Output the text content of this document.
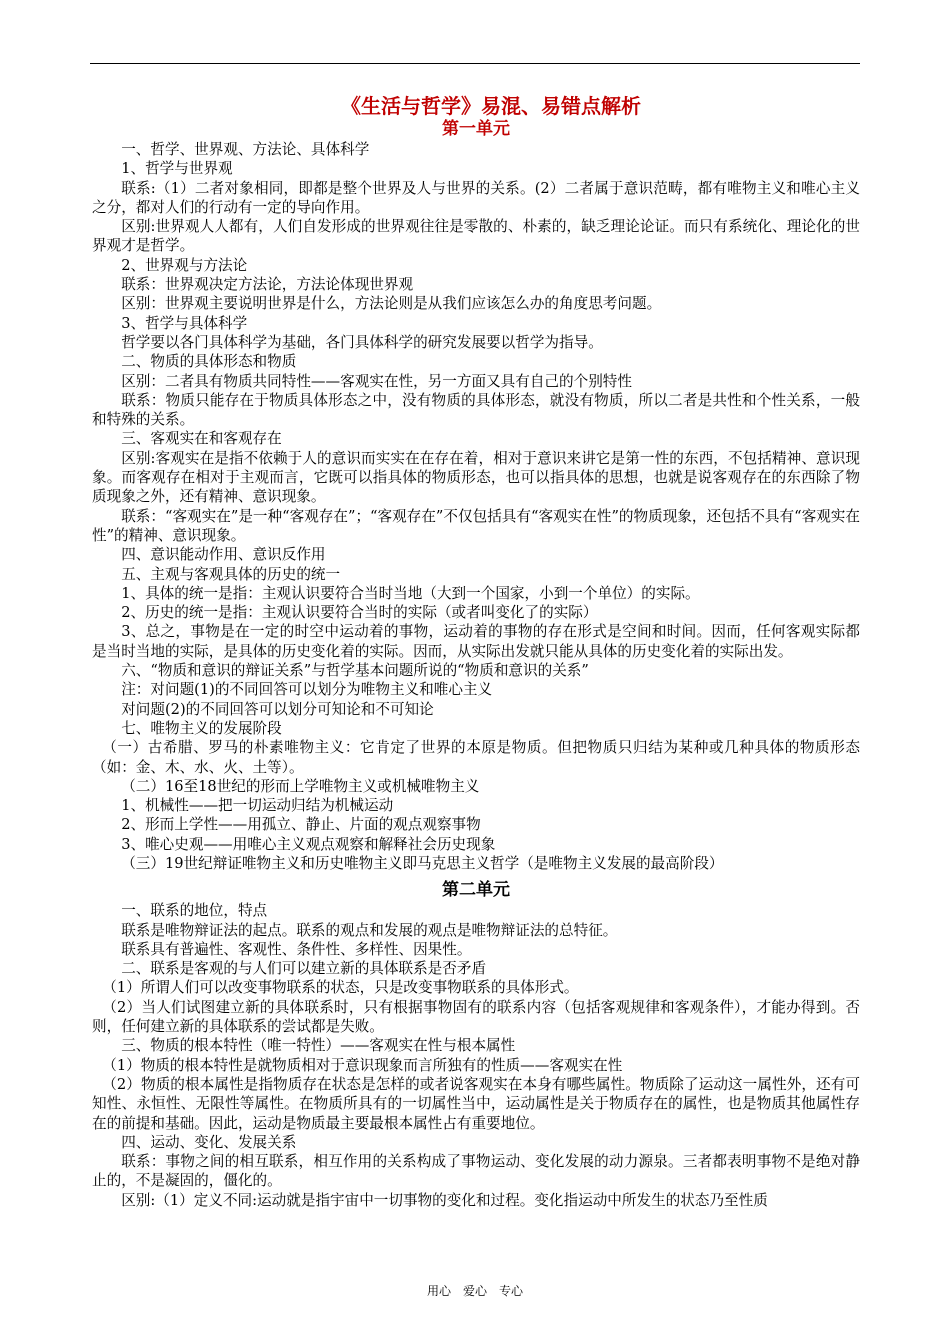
《生活与哲学》易混、易错点解析
第一单元

一、哲学、世界观、方法论、具体科学

1、哲学与世界观

联系:（1）二者对象相同，即都是整个世界及人与世界的关系。(2）二者属于意识范畴，都有唯物主义和唯心主义之分，都对人们的行动有一定的导向作用。

区别:世界观人人都有，人们自发形成的世界观往往是零散的、朴素的，缺乏理论论证。而只有系统化、理论化的世界观才是哲学。

2、世界观与方法论

联系：世界观决定方法论，方法论体现世界观

区别：世界观主要说明世界是什么，方法论则是从我们应该怎么办的角度思考问题。

3、哲学与具体科学

哲学要以各门具体科学为基础，各门具体科学的研究发展要以哲学为指导。

二、物质的具体形态和物质

区别：二者具有物质共同特性——客观实在性，另一方面又具有自己的个别特性

联系：物质只能存在于物质具体形态之中，没有物质的具体形态，就没有物质，所以二者是共性和个性关系，一般和特殊的关系。

三、客观实在和客观存在

区别:客观实在是指不依赖于人的意识而实实在在存在着，相对于意识来讲它是第一性的东西，不包括精神、意识现象。而客观存在相对于主观而言，它既可以指具体的物质形态，也可以指具体的思想，也就是说客观存在的东西除了物质现象之外，还有精神、意识现象。

联系：“客观实在”是一种“客观存在”；“客观存在”不仅包括具有“客观实在性”的物质现象，还包括不具有“客观实在性”的精神、意识现象。

四、意识能动作用、意识反作用

五、主观与客观具体的历史的统一

1、具体的统一是指：主观认识要符合当时当地（大到一个国家，小到一个单位）的实际。

2、历史的统一是指：主观认识要符合当时的实际（或者叫变化了的实际）

3、总之，事物是在一定的时空中运动着的事物，运动着的事物的存在形式是空间和时间。因而，任何客观实际都是当时当地的实际，是具体的历史变化着的实际。因而，从实际出发就只能从具体的历史变化着的实际出发。

六、“物质和意识的辩证关系”与哲学基本问题所说的“物质和意识的关系”

注：对问题(1)的不同回答可以划分为唯物主义和唯心主义

对问题(2)的不同回答可以划分可知论和不可知论

七、唯物主义的发展阶段

（一）古希腊、罗马的朴素唯物主义：它肯定了世界的本原是物质。但把物质只归结为某种或几种具体的物质形态（如：金、木、水、火、土等）。

（二）16至18世纪的形而上学唯物主义或机械唯物主义

1、机械性——把一切运动归结为机械运动

2、形而上学性——用孤立、静止、片面的观点观察事物

3、唯心史观——用唯心主义观点观察和解释社会历史现象

（三）19世纪辩证唯物主义和历史唯物主义即马克思主义哲学（是唯物主义发展的最高阶段）

第二单元

一、联系的地位，特点

联系是唯物辩证法的起点。联系的观点和发展的观点是唯物辩证法的总特征。

联系具有普遍性、客观性、条件性、多样性、因果性。

二、联系是客观的与人们可以建立新的具体联系是否矛盾

（1）所谓人们可以改变事物联系的状态，只是改变事物联系的具体形式。

（2）当人们试图建立新的具体联系时，只有根据事物固有的联系内容（包括客观规律和客观条件），才能办得到。否则，任何建立新的具体联系的尝试都是失败。

三、物质的根本特性（唯一特性）——客观实在性与根本属性

（1）物质的根本特性是就物质相对于意识现象而言所独有的性质——客观实在性

（2）物质的根本属性是指物质存在状态是怎样的或者说客观实在本身有哪些属性。物质除了运动这一属性外，还有可知性、永恒性、无限性等属性。在物质所具有的一切属性当中，运动属性是关于物质存在的属性，也是物质其他属性存在的前提和基础。因此，运动是物质最主要最根本属性占有重要地位。

四、运动、变化、发展关系

联系：事物之间的相互联系，相互作用的关系构成了事物运动、变化发展的动力源泉。三者都表明事物不是绝对静止的，不是凝固的，僵化的。

区别:（1）定义不同:运动就是指宇宙中一切事物的变化和过程。变化指运动中所发生的状态乃至性质

用心　爱心　专心
